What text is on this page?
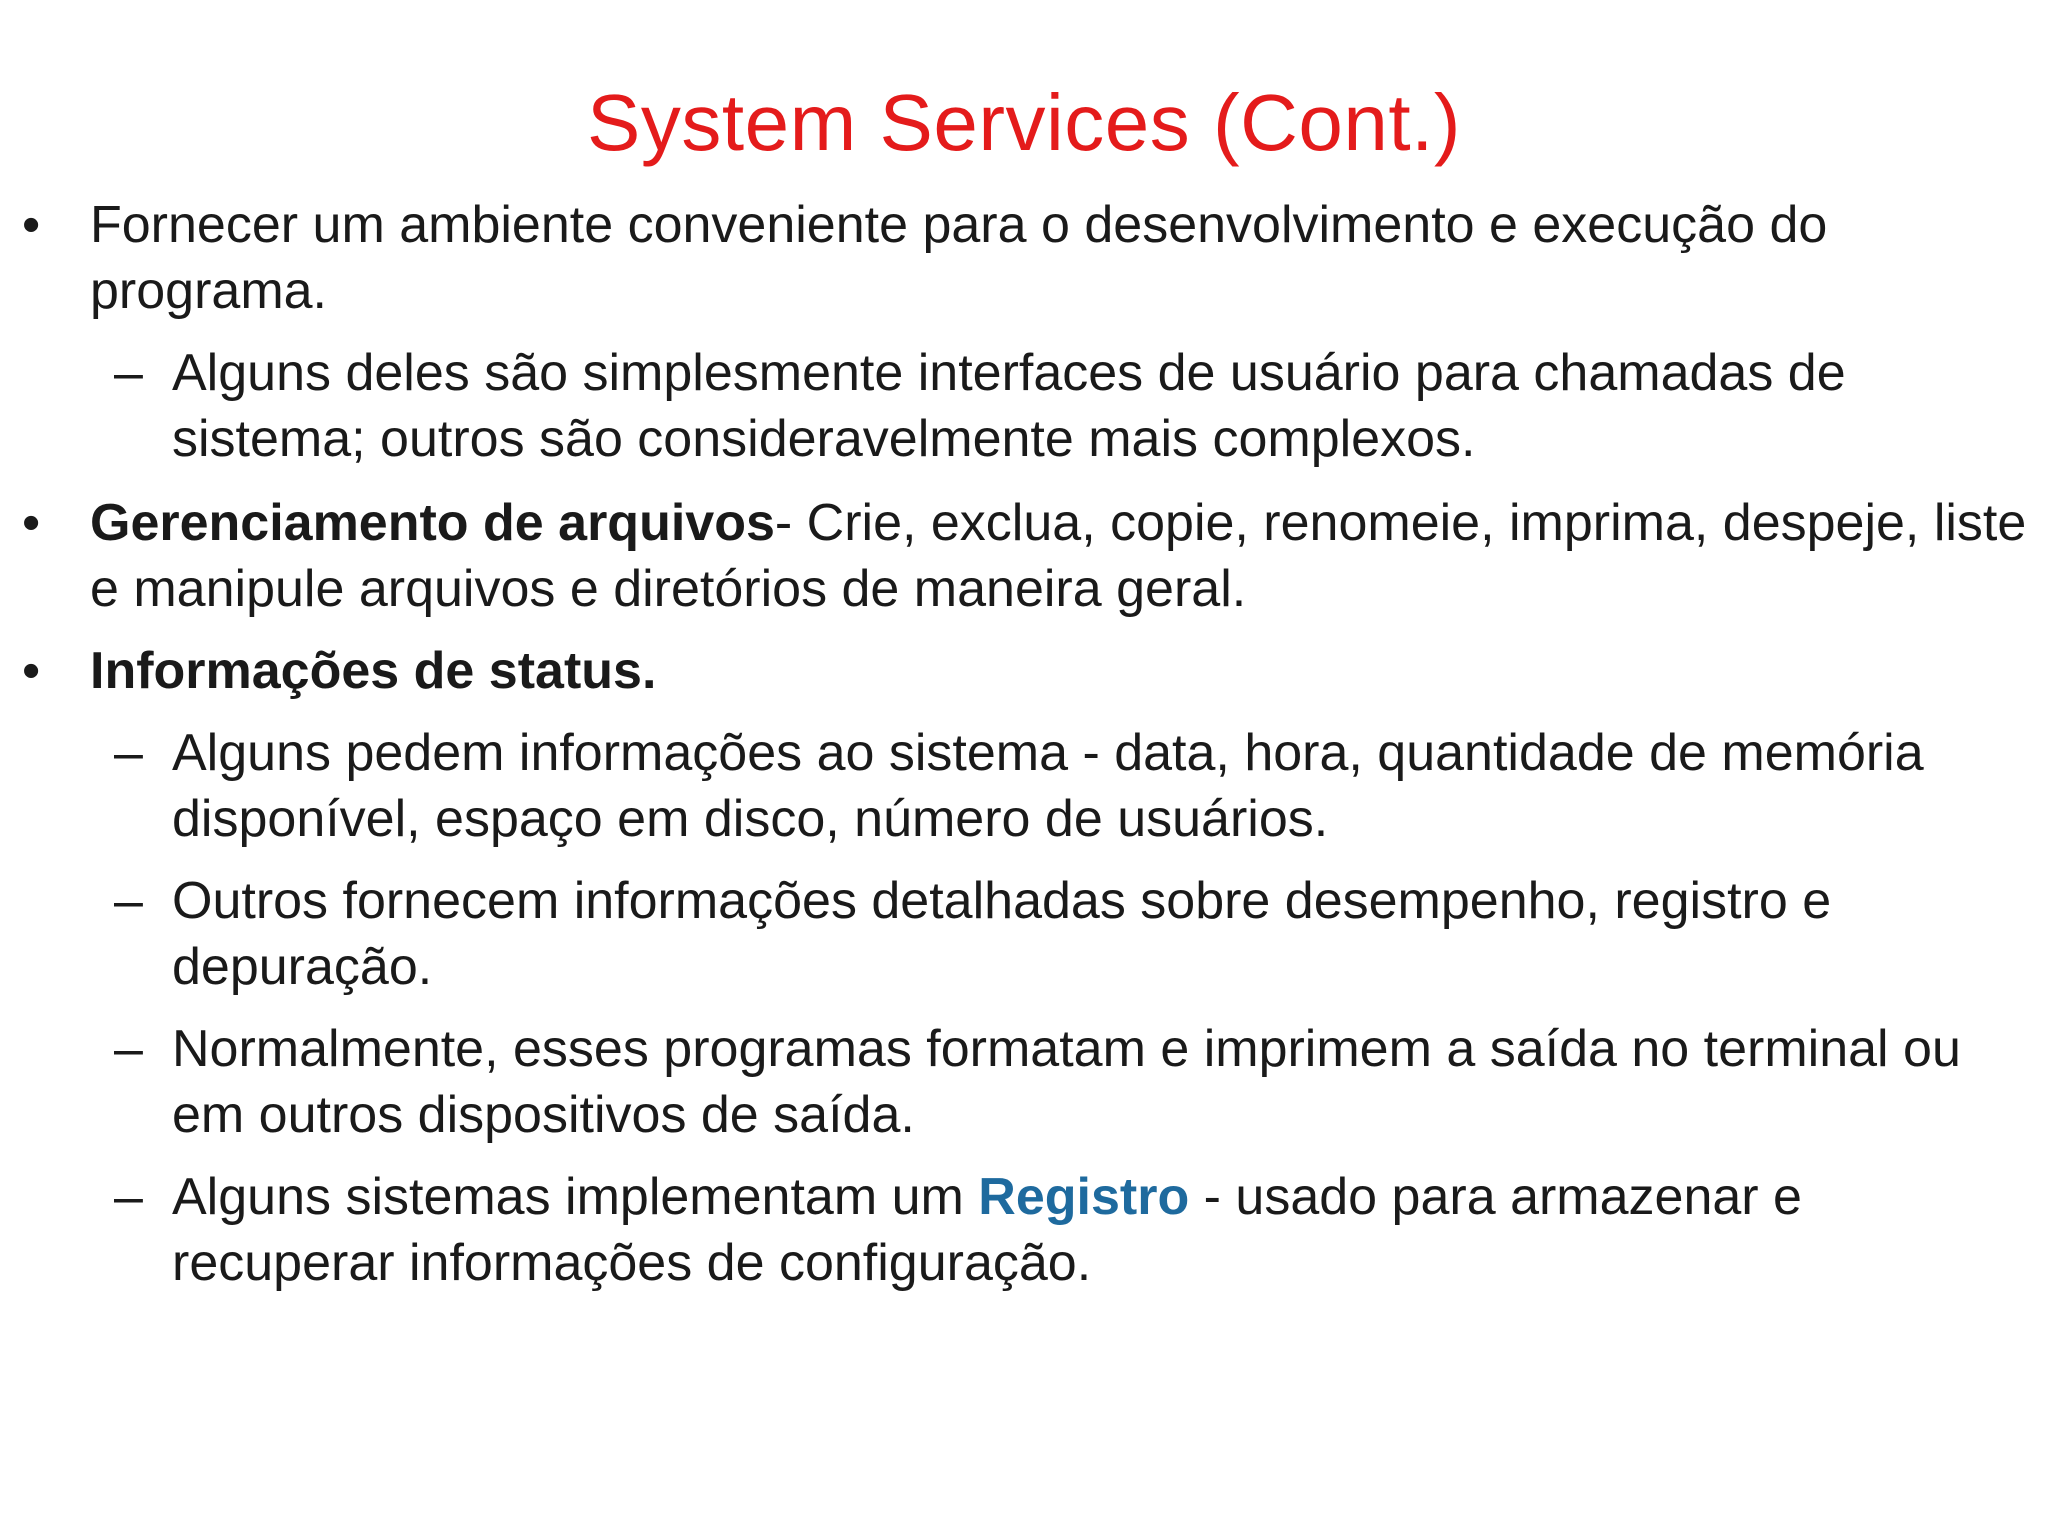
System Services (Cont.)
• Fornecer um ambiente conveniente para o desenvolvimento e execução do programa.
– Alguns deles são simplesmente interfaces de usuário para chamadas de sistema; outros são consideravelmente mais complexos.
• Gerenciamento de arquivos- Crie, exclua, copie, renomeie, imprima, despeje, liste e manipule arquivos e diretórios de maneira geral.
• Informações de status.
– Alguns pedem informações ao sistema - data, hora, quantidade de memória disponível, espaço em disco, número de usuários.
– Outros fornecem informações detalhadas sobre desempenho, registro e depuração.
– Normalmente, esses programas formatam e imprimem a saída no terminal ou em outros dispositivos de saída.
– Alguns sistemas implementam um Registro - usado para armazenar e recuperar informações de configuração.
